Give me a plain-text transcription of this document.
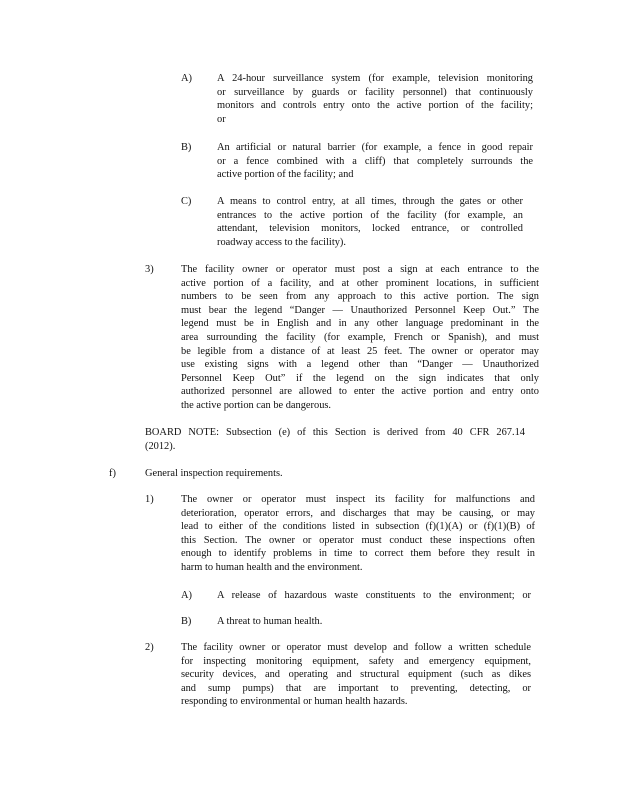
A) A 24-hour surveillance system (for example, television monitoring
or surveillance by guards or facility personnel) that continuously
monitors and controls entry onto the active portion of the facility;
or
B) An artificial or natural barrier (for example, a fence in good repair
or a fence combined with a cliff) that completely surrounds the
active portion of the facility; and
C) A means to control entry, at all times, through the gates or other
entrances to the active portion of the facility (for example, an
attendant, television monitors, locked entrance, or controlled
roadway access to the facility).
3)	The facility owner or operator must post a sign at each entrance to the
active portion of a facility, and at other prominent locations, in sufficient
numbers to be seen from any approach to this active portion. The sign
must bear the legend “Danger — Unauthorized Personnel Keep Out.” The
legend must be in English and in any other language predominant in the
area surrounding the facility (for example, French or Spanish), and must
be legible from a distance of at least 25 feet. The owner or operator may
use existing signs with a legend other than “Danger — Unauthorized
Personnel Keep Out” if the legend on the sign indicates that only
authorized personnel are allowed to enter the active portion and entry onto
the active portion can be dangerous.
BOARD NOTE: Subsection (e) of this Section is derived from 40 CFR 267.14
(2012).
f)	General inspection requirements.
1)	The owner or operator must inspect its facility for malfunctions and
deterioration, operator errors, and discharges that may be causing, or may
lead to either of the conditions listed in subsection (f)(1)(A) or (f)(1)(B) of
this Section. The owner or operator must conduct these inspections often
enough to identify problems in time to correct them before they result in
harm to human health and the environment.
A) A release of hazardous waste constituents to the environment; or
B) A threat to human health.
2)	The facility owner or operator must develop and follow a written schedule
for inspecting monitoring equipment, safety and emergency equipment,
security devices, and operating and structural equipment (such as dikes
and sump pumps) that are important to preventing, detecting, or
responding to environmental or human health hazards.
